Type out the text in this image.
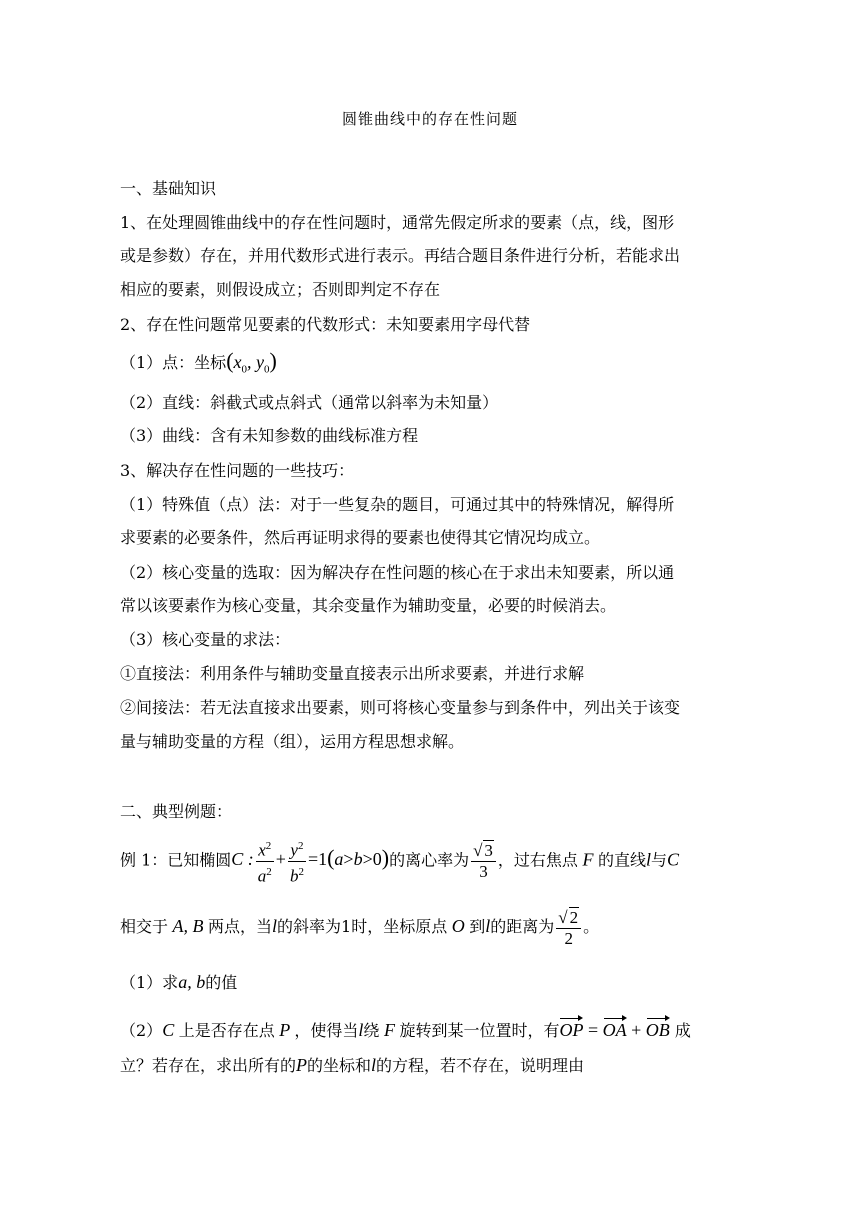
圆锥曲线中的存在性问题
一、基础知识
1、在处理圆锥曲线中的存在性问题时，通常先假定所求的要素（点，线，图形
或是参数）存在，并用代数形式进行表示。再结合题目条件进行分析，若能求出
相应的要素，则假设成立；否则即判定不存在
2、存在性问题常见要素的代数形式：未知要素用字母代替
（1）点：坐标($x_0$, $y_0$)
（2）直线：斜截式或点斜式（通常以斜率为未知量）
（3）曲线：含有未知参数的曲线标准方程
3、解决存在性问题的一些技巧：
（1）特殊值（点）法：对于一些复杂的题目，可通过其中的特殊情况，解得所
求要素的必要条件，然后再证明求得的要素也使得其它情况均成立。
（2）核心变量的选取：因为解决存在性问题的核心在于求出未知要素，所以通
常以该要素作为核心变量，其余变量作为辅助变量，必要的时候消去。
（3）核心变量的求法：
①直接法：利用条件与辅助变量直接表示出所求要素，并进行求解
②间接法：若无法直接求出要素，则可将核心变量参与到条件中，列出关于该变
量与辅助变量的方程（组），运用方程思想求解。
二、典型例题：
例 1：已知椭圆C : $\frac{x^2}{a^2} + \frac{y^2}{b^2} =1(a>b>0)$的离心率为 $\frac{√ 3}{3}$ ，过右焦点 F 的直线l与C
相交于 A, B 两点，当l的斜率为1时，坐标原点 O 到l的距离为 $\frac{√ 2}{2}$ 。
（1）求a, b的值
（2）C 上是否存在点 P ，使得当l绕 F 旋转到某一位置时，有OP = OA + OB 成
立？若存在，求出所有的P的坐标和l的方程，若不存在，说明理由
